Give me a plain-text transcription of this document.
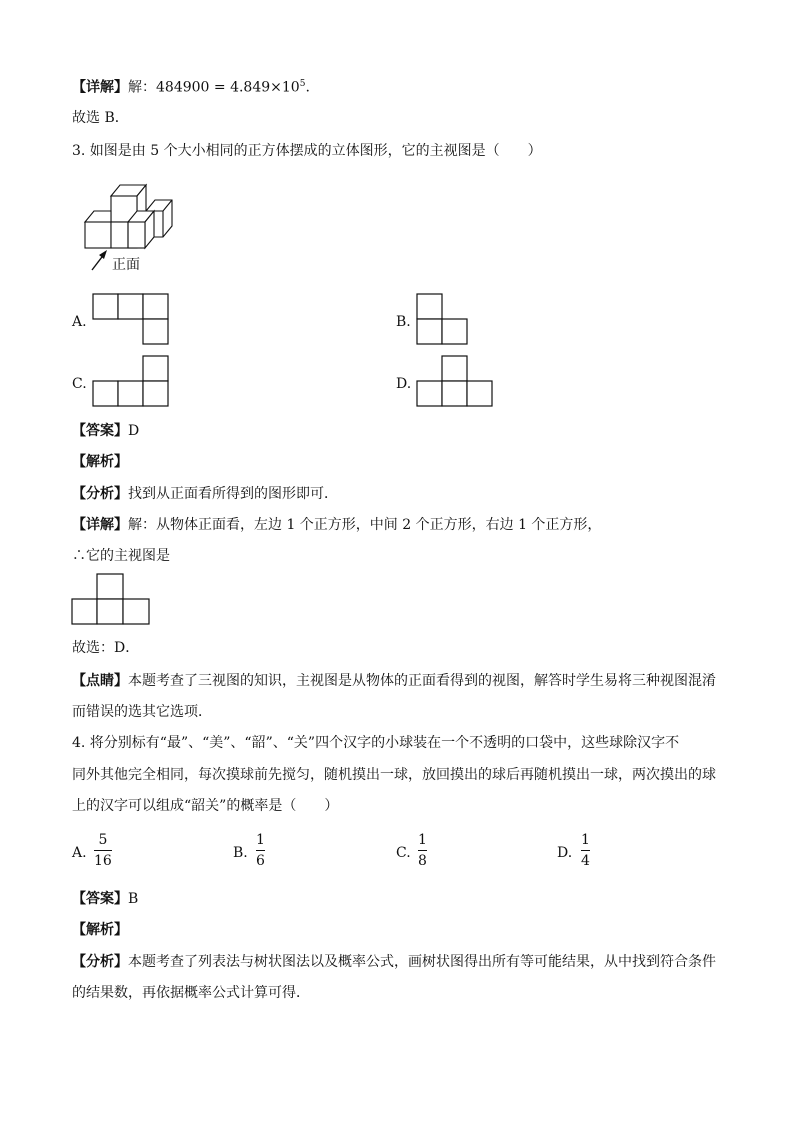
【详解】解：$484900 = 4.849\times 10^5$.
故选 B．
3. 如图是由 5 个大小相同的正方体摆成的立体图形，它的主视图是（　　）
正面
A.	B.
C.	D.
【答案】D
【解析】
【分析】找到从正面看所得到的图形即可．
【详解】解：从物体正面看，左边 1 个正方形，中间 2 个正方形，右边 1 个正方形，
∴它的主视图是
故选：D．
【点睛】本题考查了三视图的知识，主视图是从物体的正面看得到的视图，解答时学生易将三种视图混淆
而错误的选其它选项．
4. 将分别标有“最”、“美”、“韶”、“关”四个汉字的小球装在一个不透明的口袋中，这些球除汉字不
同外其他完全相同，每次摸球前先搅匀，随机摸出一球，放回摸出的球后再随机摸出一球，两次摸出的球
上的汉字可以组成“韶关”的概率是（　　）
A.
5
16	B.
1
6	C.
1
8	D.
1
4
【答案】B
【解析】
【分析】本题考查了列表法与树状图法以及概率公式，画树状图得出所有等可能结果，从中找到符合条件
的结果数，再依据概率公式计算可得．
